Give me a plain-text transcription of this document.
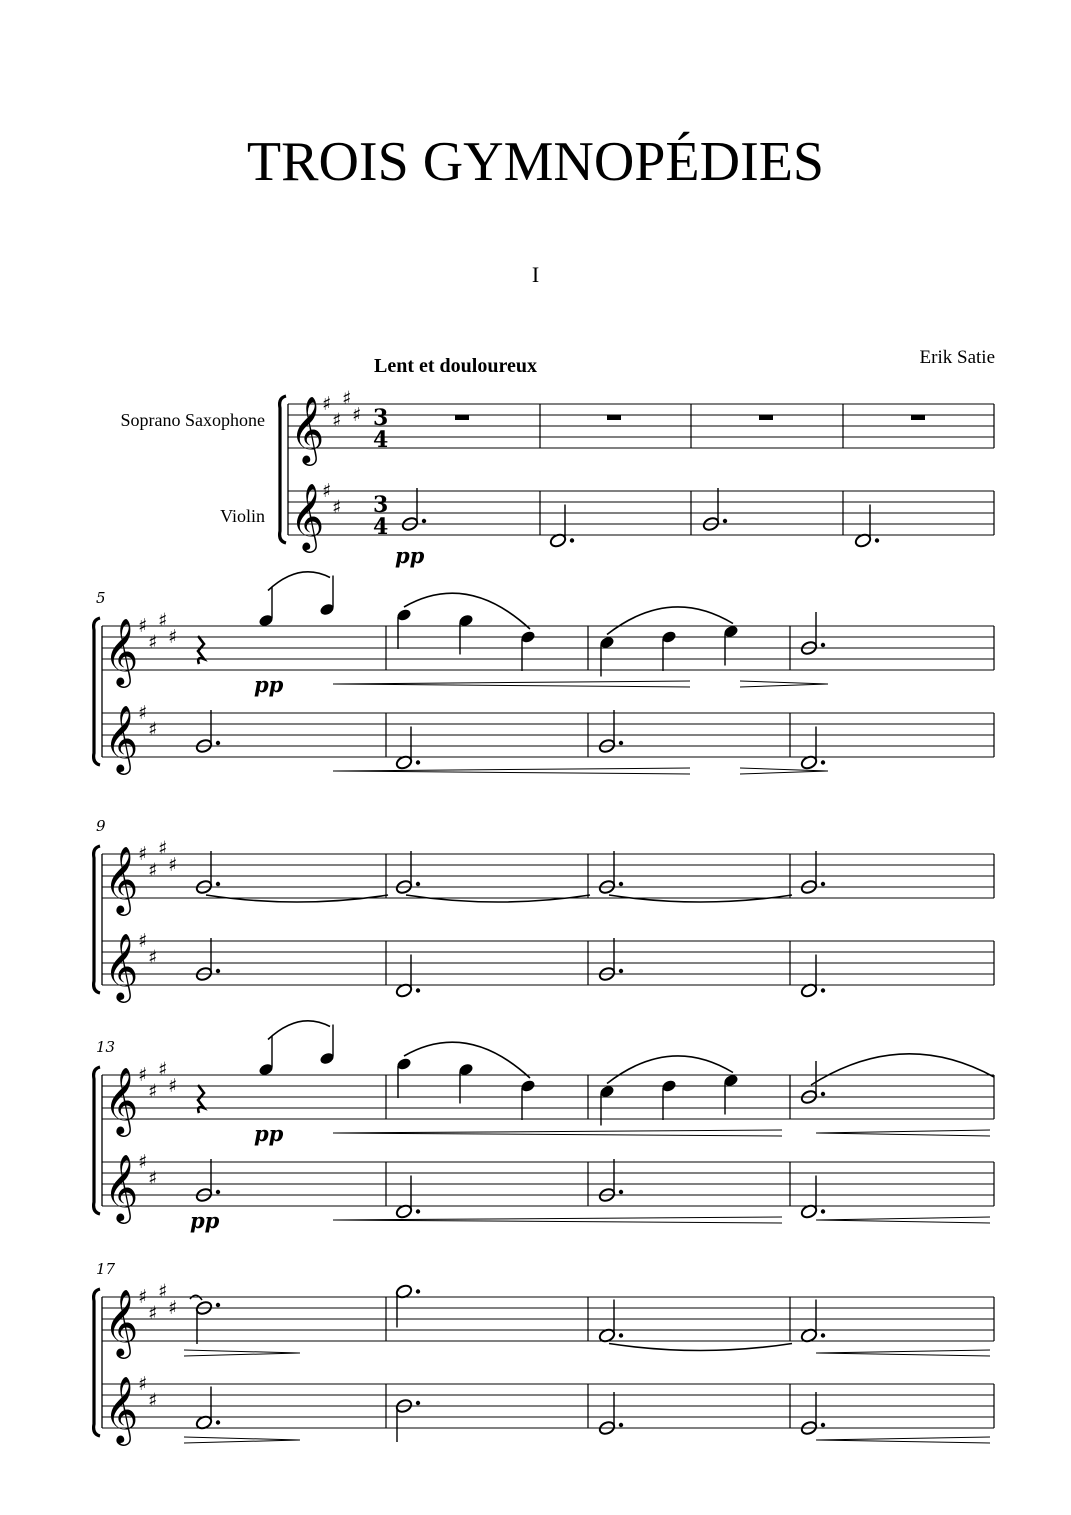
TROIS GYMNOPÉDIES
I
Erik Satie
Lent et douloureux
Soprano Saxophone
Violin
𝄞
𝄞
♯
♯
♯
♯
♯
♯
3
4
3
4
pp
𝄞
𝄞
♯
♯
♯
♯
♯
♯
5
pp
𝄞
𝄞
♯
♯
♯
♯
♯
♯
9
𝄞
𝄞
♯
♯
♯
♯
♯
♯
13
pp
pp
𝄞
𝄞
♯
♯
♯
♯
♯
♯
17
